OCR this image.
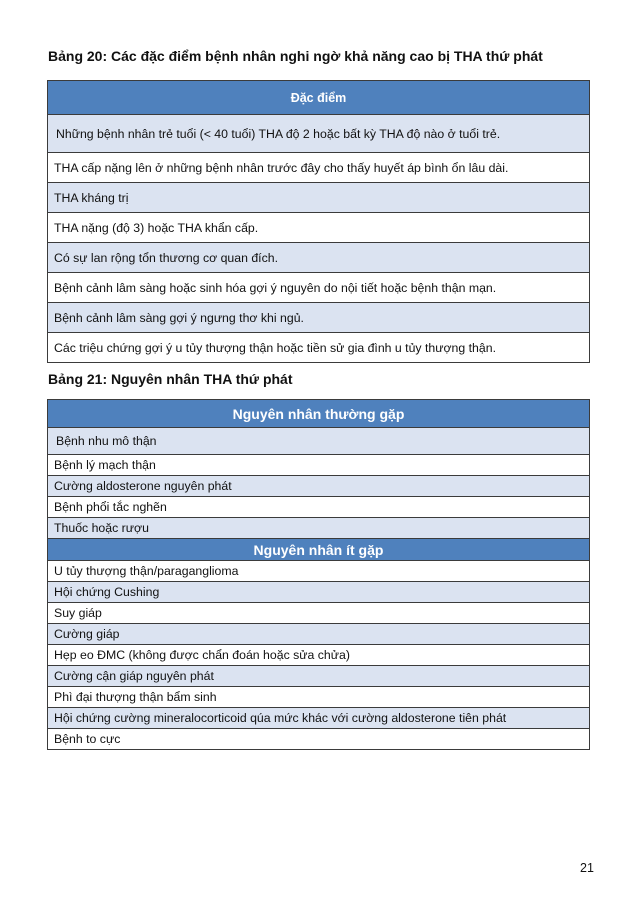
Bảng 20: Các đặc điểm bệnh nhân nghi ngờ khả năng cao bị THA thứ phát
Đặc điểm
Những bệnh nhân trẻ tuổi (< 40 tuổi) THA độ 2 hoặc bất kỳ THA độ nào ở tuổi trẻ.
THA cấp nặng lên ở những bệnh nhân trước đây cho thấy huyết áp bình ổn lâu dài.
THA kháng trị
THA nặng (độ 3) hoặc THA khẩn cấp.
Có sự lan rộng tổn thương cơ quan đích.
Bệnh cảnh lâm sàng hoặc sinh hóa gợi ý nguyên do nội tiết hoặc bệnh thận mạn.
Bệnh cảnh lâm sàng gợi ý ngưng thơ khi ngủ.
Các triệu chứng gợi ý u tủy thượng thận hoặc tiền sử gia đình u tủy thượng thận.
Bảng 21: Nguyên nhân THA thứ phát
Nguyên nhân thường gặp
Bệnh nhu mô thận
Bệnh lý mạch thận
Cường aldosterone nguyên phát
Bệnh phổi tắc nghẽn
Thuốc hoặc rượu
Nguyên nhân ít gặp
U tủy thượng thận/paraganglioma
Hội chứng Cushing
Suy giáp
Cường giáp
Hẹp eo ĐMC (không được chẩn đoán hoặc sửa chửa)
Cường cận giáp nguyên phát
Phì đại thượng thận bẩm sinh
Hội chứng cường mineralocorticoid qúa mức khác với cường aldosterone tiên phát
Bệnh to cực
21
